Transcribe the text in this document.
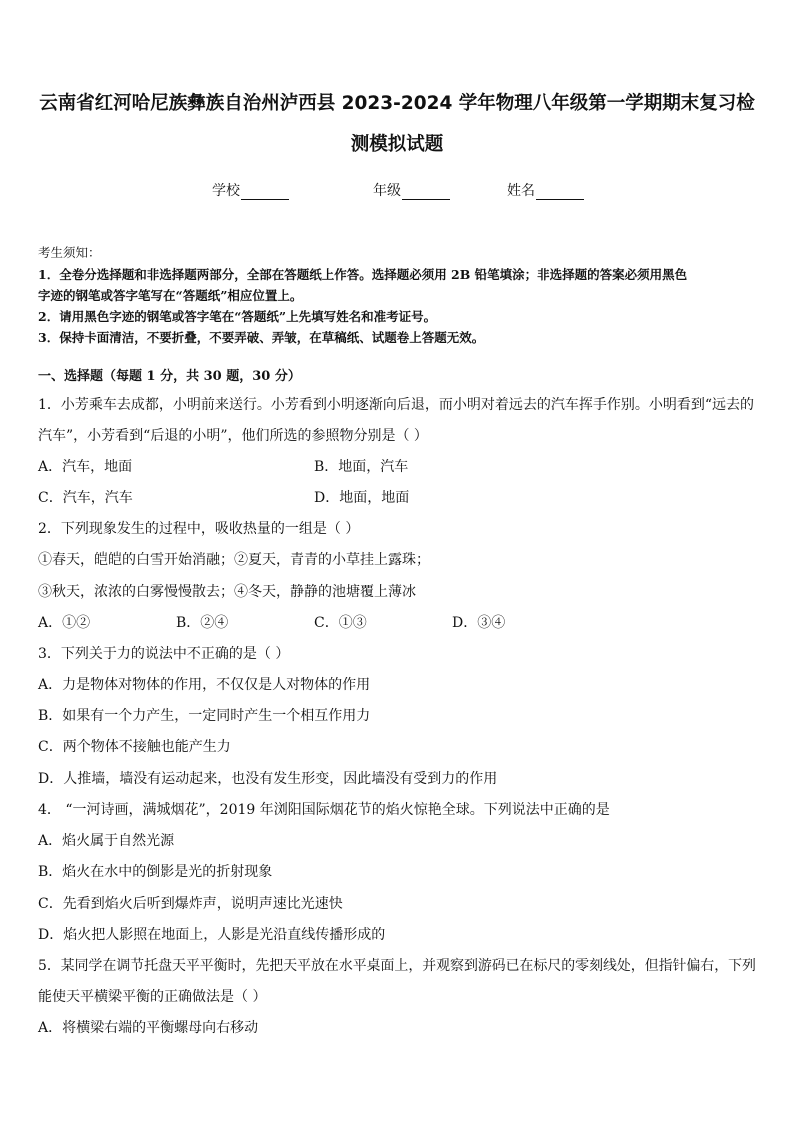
云南省红河哈尼族彝族自治州泸西县 2023-2024 学年物理八年级第一学期期末复习检
测模拟试题
学校	年级	姓名
考生须知：
1．全卷分选择题和非选择题两部分，全部在答题纸上作答。选择题必须用 2B 铅笔填涂；非选择题的答案必须用黑色
字迹的钢笔或答字笔写在“答题纸”相应位置上。
2．请用黑色字迹的钢笔或答字笔在“答题纸”上先填写姓名和准考证号。
3．保持卡面清洁，不要折叠，不要弄破、弄皱，在草稿纸、试题卷上答题无效。
一、选择题（每题 1 分，共 30 题，30 分）
1．小芳乘车去成都，小明前来送行。小芳看到小明逐渐向后退，而小明对着远去的汽车挥手作别。小明看到“远去的
汽车”，小芳看到“后退的小明”，他们所选的参照物分别是（ ）
A．汽车，地面	B．地面，汽车
C．汽车，汽车	D．地面，地面
2．下列现象发生的过程中，吸收热量的一组是（ ）
①春天，皑皑的白雪开始消融；②夏天，青青的小草挂上露珠；
③秋天，浓浓的白雾慢慢散去；④冬天，静静的池塘覆上薄冰
A．①②	B．②④	C．①③	D．③④
3．下列关于力的说法中不正确的是（ ）
A．力是物体对物体的作用，不仅仅是人对物体的作用
B．如果有一个力产生，一定同时产生一个相互作用力
C．两个物体不接触也能产生力
D．人推墙，墙没有运动起来，也没有发生形变，因此墙没有受到力的作用
4． “一河诗画，满城烟花”，2019 年浏阳国际烟花节的焰火惊艳全球。下列说法中正确的是
A．焰火属于自然光源
B．焰火在水中的倒影是光的折射现象
C．先看到焰火后听到爆炸声，说明声速比光速快
D．焰火把人影照在地面上，人影是光沿直线传播形成的
5．某同学在调节托盘天平平衡时，先把天平放在水平桌面上，并观察到游码已在标尺的零刻线处，但指针偏右，下列
能使天平横梁平衡的正确做法是（ ）
A．将横梁右端的平衡螺母向右移动
